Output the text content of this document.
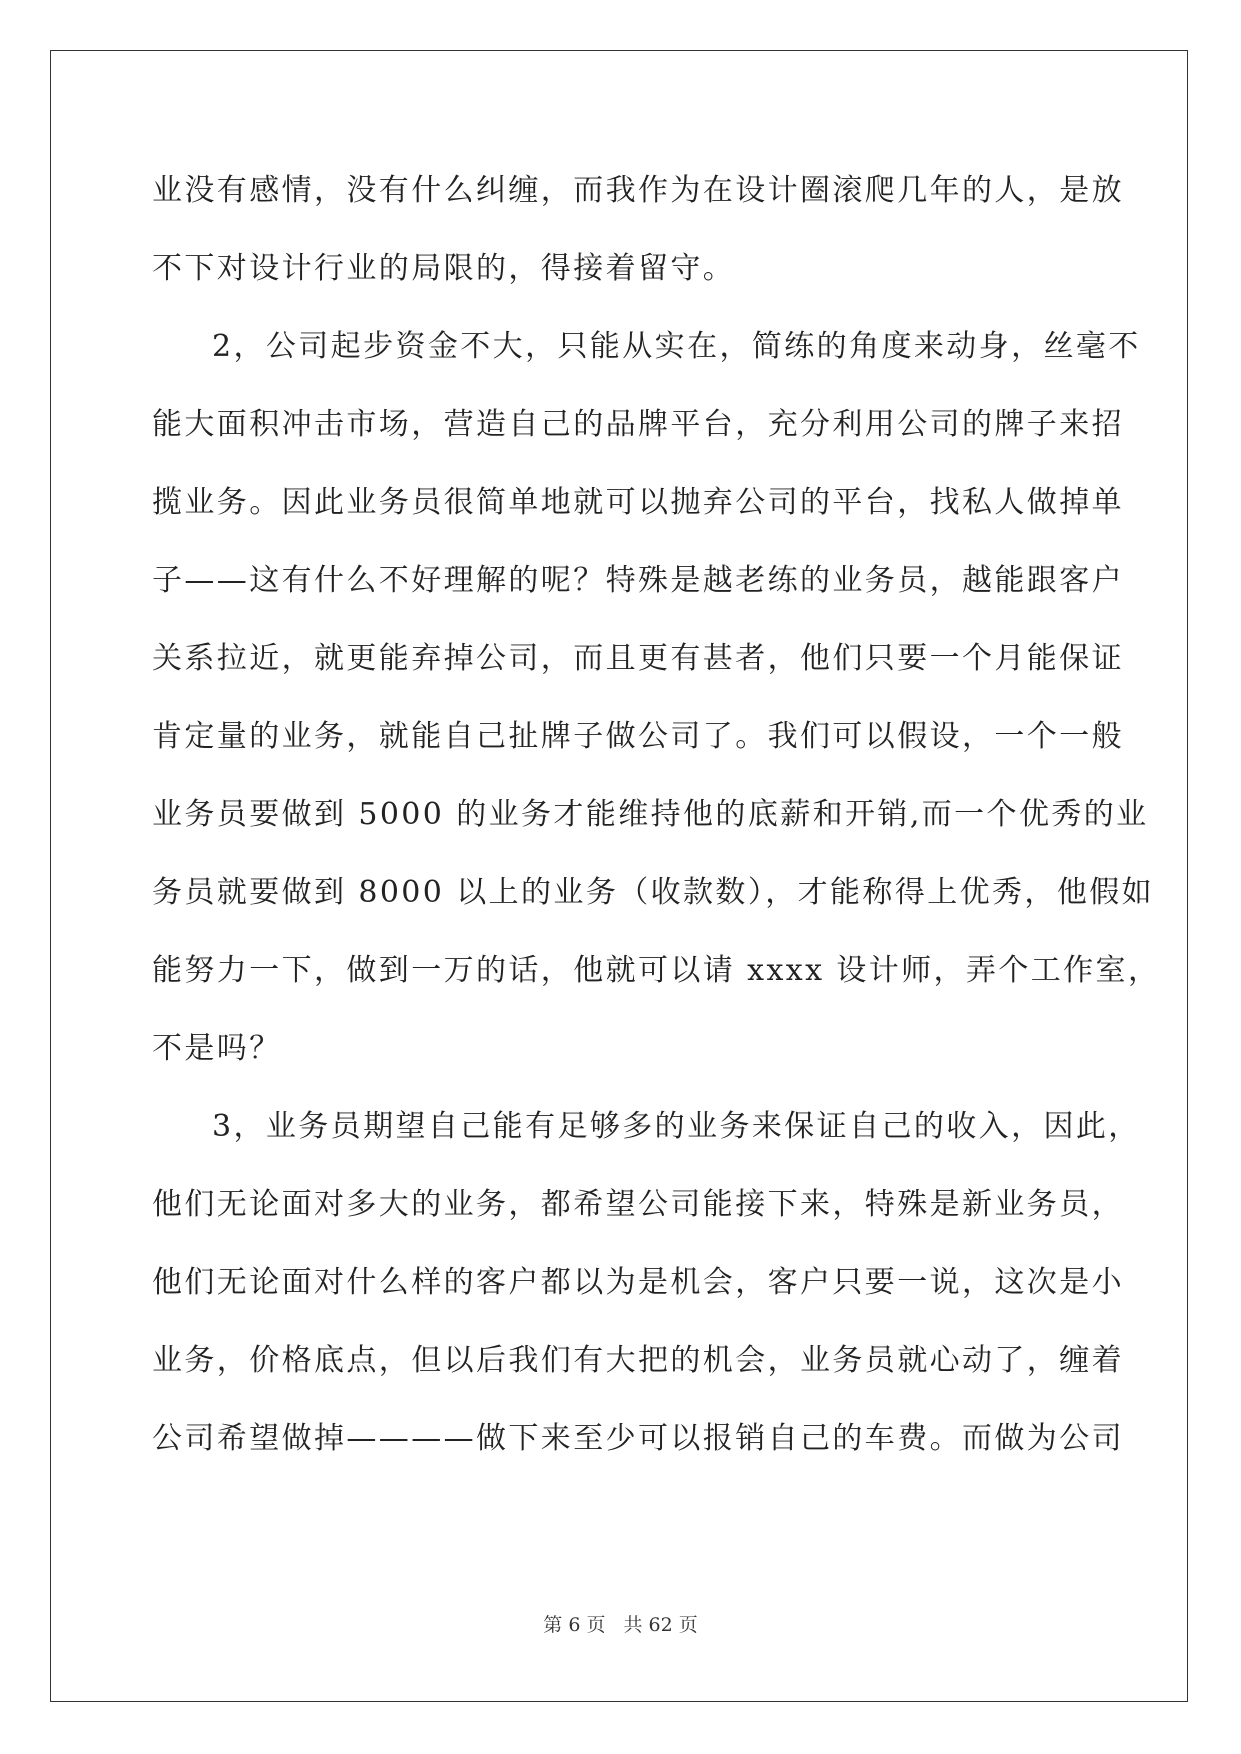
业没有感情，没有什么纠缠，而我作为在设计圈滚爬几年的人，是放
不下对设计行业的局限的，得接着留守。
2，公司起步资金不大，只能从实在，简练的角度来动身，丝毫不
能大面积冲击市场，营造自己的品牌平台，充分利用公司的牌子来招
揽业务。因此业务员很简单地就可以抛弃公司的平台，找私人做掉单
子——这有什么不好理解的呢？特殊是越老练的业务员，越能跟客户
关系拉近，就更能弃掉公司，而且更有甚者，他们只要一个月能保证
肯定量的业务，就能自己扯牌子做公司了。我们可以假设，一个一般
业务员要做到 5000 的业务才能维持他的底薪和开销,而一个优秀的业
务员就要做到 8000 以上的业务（收款数），才能称得上优秀，他假如
能努力一下，做到一万的话，他就可以请 xxxx 设计师，弄个工作室，
不是吗？
3，业务员期望自己能有足够多的业务来保证自己的收入，因此，
他们无论面对多大的业务，都希望公司能接下来，特殊是新业务员，
他们无论面对什么样的客户都以为是机会，客户只要一说，这次是小
业务，价格底点，但以后我们有大把的机会，业务员就心动了，缠着
公司希望做掉————做下来至少可以报销自己的车费。而做为公司
第 6 页 共 62 页
